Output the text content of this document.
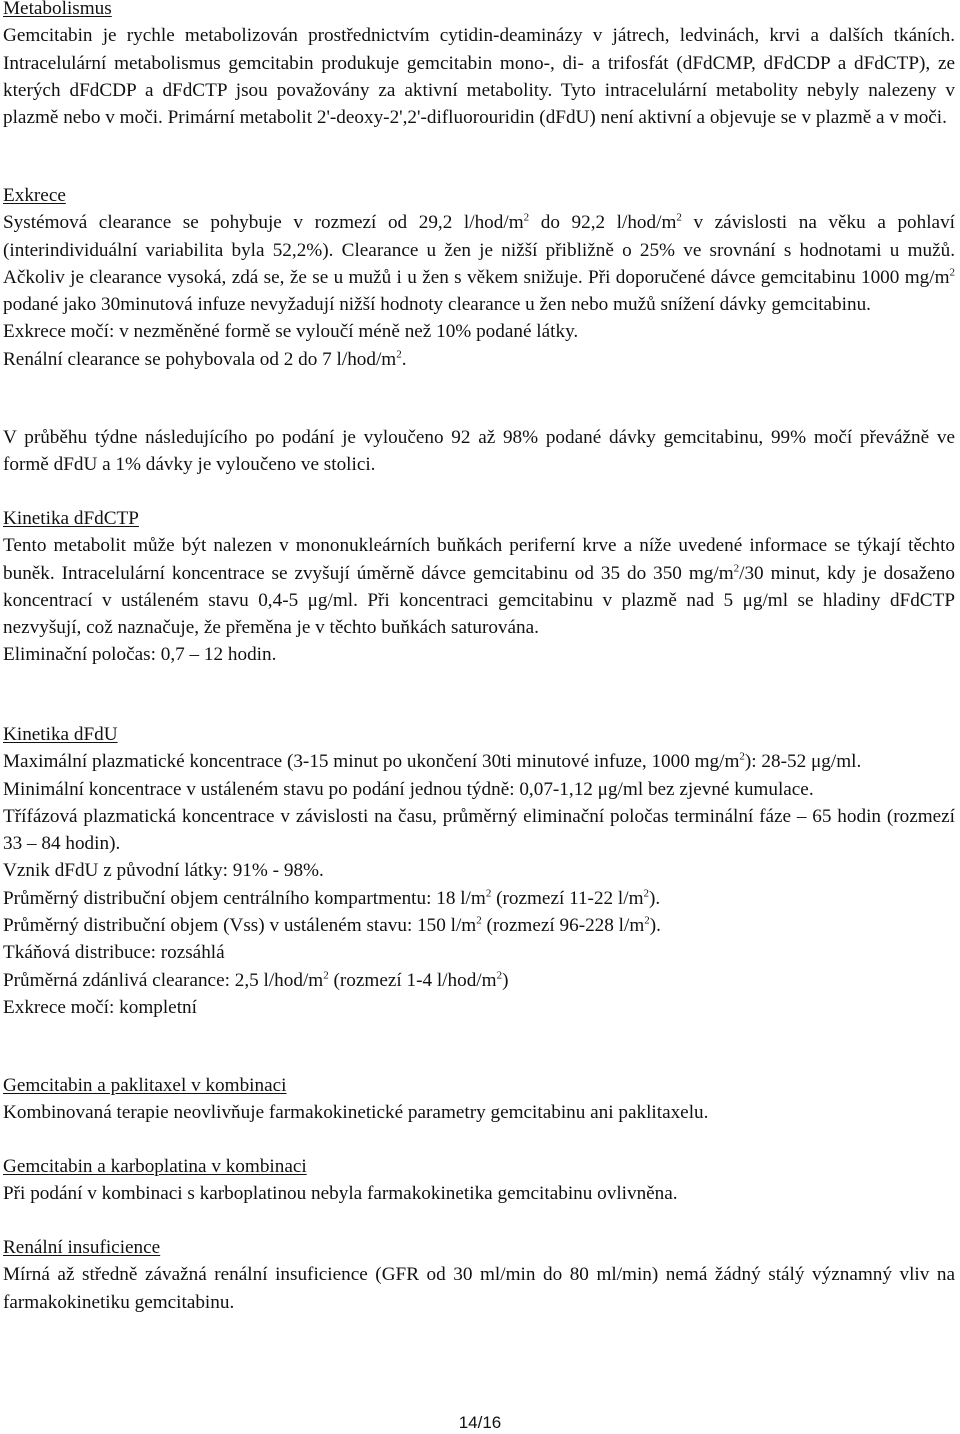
Metabolismus

Gemcitabin je rychle metabolizován prostřednictvím cytidin-deaminázy v játrech, ledvinách, krvi a dalších tkáních. Intracelulární metabolismus gemcitabin produkuje gemcitabin mono-, di- a trifosfát (dFdCMP, dFdCDP a dFdCTP), ze kterých dFdCDP a dFdCTP jsou považovány za aktivní metabolity. Tyto intracelulární metabolity nebyly nalezeny v plazmě nebo v moči. Primární metabolit 2'-deoxy-2',2'-difluorouridin (dFdU) není aktivní a objevuje se v plazmě a v moči.

Exkrece

Systémová clearance se pohybuje v rozmezí od 29,2 $l/hod/m^2$ do 92,2 $l/hod/m^2$ v závislosti na věku a pohlaví (interindividuální variabilita byla 52,2%). Clearance u žen je nižší přibližně o 25% ve srovnání s hodnotami u mužů. Ačkoliv je clearance vysoká, zdá se, že se u mužů i u žen s věkem snižuje. Při doporučené dávce gemcitabinu 1000 $mg/m^2$ podané jako 30minutová infuze nevyžadují nižší hodnoty clearance u žen nebo mužů snížení dávky gemcitabinu.

Exkrece močí: v nezměněné formě se vyloučí méně než 10% podané látky.

Renální clearance se pohybovala od 2 do 7 $l/hod/m^2$.

V průběhu týdne následujícího po podání je vyloučeno 92 až 98% podané dávky gemcitabinu, 99% močí převážně ve formě dFdU a 1% dávky je vyloučeno ve stolici.

Kinetika dFdCTP

Tento metabolit může být nalezen v mononukleárních buňkách periferní krve a níže uvedené informace se týkají těchto buněk. Intracelulární koncentrace se zvyšují úměrně dávce gemcitabinu od 35 do 350 $mg/m^2/30$ minut, kdy je dosaženo koncentrací v ustáleném stavu 0,4-5 μg/ml. Při koncentraci gemcitabinu v plazmě nad 5 μg/ml se hladiny dFdCTP nezvyšují, což naznačuje, že přeměna je v těchto buňkách saturována.

Eliminační poločas: 0,7 – 12 hodin.

Kinetika dFdU

Maximální plazmatické koncentrace (3-15 minut po ukončení 30ti minutové infuze, 1000 $mg/m^2$): 28-52 μg/ml.

Minimální koncentrace v ustáleném stavu po podání jednou týdně: 0,07-1,12 μg/ml bez zjevné kumulace.

Třífázová plazmatická koncentrace v závislosti na času, průměrný eliminační poločas terminální fáze – 65 hodin (rozmezí 33 – 84 hodin).

Vznik dFdU z původní látky: 91% - 98%.

Průměrný distribuční objem centrálního kompartmentu: 18 $l/m^2$ (rozmezí 11-22 $l/m^2$).

Průměrný distribuční objem (Vss) v ustáleném stavu: 150 $l/m^2$ (rozmezí 96-228 $l/m^2$).

Tkáňová distribuce: rozsáhlá

Průměrná zdánlivá clearance: 2,5 $l/hod/m^2$ (rozmezí 1-4 $l/hod/m^2$)

Exkrece močí: kompletní

Gemcitabin a paklitaxel v kombinaci

Kombinovaná terapie neovlivňuje farmakokinetické parametry gemcitabinu ani paklitaxelu.

Gemcitabin a karboplatina v kombinaci

Při podání v kombinaci s karboplatinou nebyla farmakokinetika gemcitabinu ovlivněna.

Renální insuficience

Mírná až středně závažná renální insuficience (GFR od 30 ml/min do 80 ml/min) nemá žádný stálý významný vliv na farmakokinetiku gemcitabinu.

14/16
